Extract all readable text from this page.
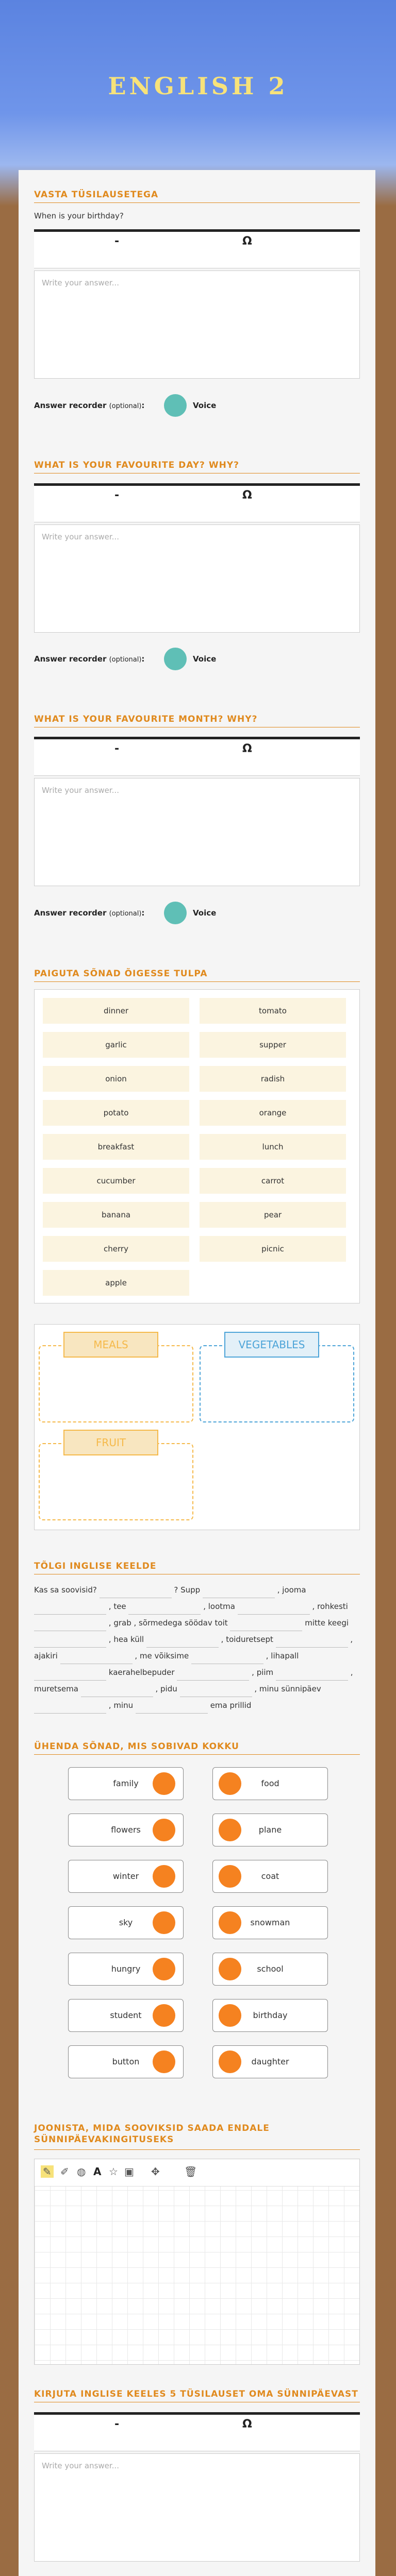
ENGLISH 2
VASTA TÜSILAUSETEGA
When is your birthday?
-	Ω
Write your answer...
Answer recorder (optional):	Voice
WHAT IS YOUR FAVOURITE DAY? WHY?
-	Ω
Write your answer...
Answer recorder (optional):	Voice
WHAT IS YOUR FAVOURITE MONTH? WHY?
-	Ω
Write your answer...
Answer recorder (optional):	Voice
PAIGUTA SÕNAD ÕIGESSE TULPA
dinner	tomato
garlic	supper
onion	radish
potato	orange
breakfast	lunch
cucumber	carrot
banana	pear
cherry	picnic
apple
MEALS	VEGETABLES
FRUIT
TÕLGI INGLISE KEELDE
Kas sa soovisid?	? Supp	, jooma  , tee	, lootma	, rohkesti  , grab , sõrmedega söödav toit	mitte keegi  , hea küll	, toiduretsept	, ajakiri	, me võiksime	, lihapall  kaerahelbepuder	, piim	, muretsema	, pidu	, minu sünnipäev  , minu	ema prillid
ÜHENDA SÕNAD, MIS SOBIVAD KOKKU
family	food
flowers	plane
winter	coat
sky	snowman
hungry	school
student	birthday
button	daughter
JOONISTA, MIDA SOOVIKSID SAADA ENDALE SÜNNIPÄEVAKINGITUSEKS
✎ ✐ ◍ A ☆ ▣ ✥ 🗑
KIRJUTA INGLISE KEELES 5 TÜSILAUSET OMA SÜNNIPÄEVAST
-	Ω
Write your answer...
